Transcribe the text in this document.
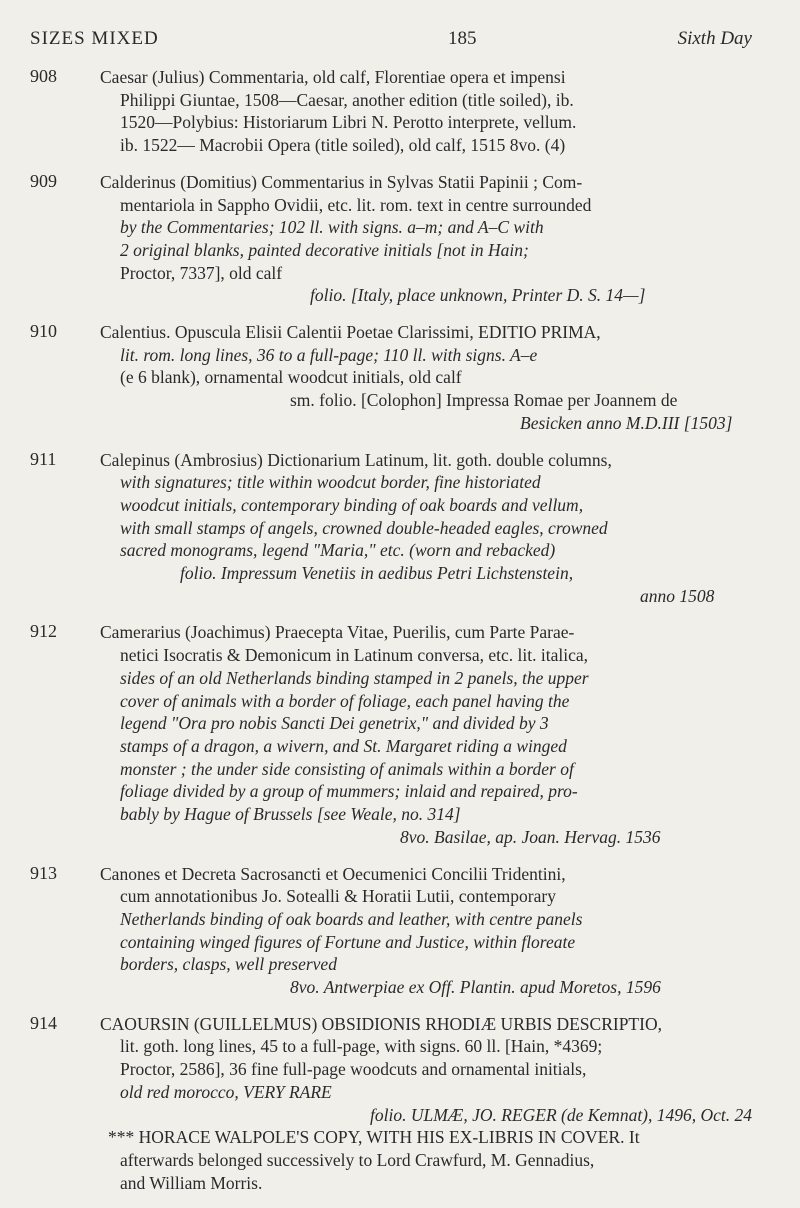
SIZES MIXED	185	Sixth Day
908	Caesar (Julius) Commentaria, old calf, Florentiae opera et impensi
Philippi Giuntae, 1508—Caesar, another edition (title soiled), ib.
1520—Polybius: Historiarum Libri N. Perotto interprete, vellum.
ib. 1522— Macrobii Opera (title soiled), old calf, 1515 8vo. (4)
909	Calderinus (Domitius) Commentarius in Sylvas Statii Papinii ; Com-
mentariola in Sappho Ovidii, etc. lit. rom. text in centre surrounded
by the Commentaries; 102 ll. with signs. a–m; and A–C with
2 original blanks, painted decorative initials [not in Hain;
Proctor, 7337], old calf
folio. [Italy, place unknown, Printer D. S. 14—]
910	Calentius. Opuscula Elisii Calentii Poetae Clarissimi, EDITIO PRIMA,
lit. rom. long lines, 36 to a full-page; 110 ll. with signs. A–e
(e 6 blank), ornamental woodcut initials, old calf
sm. folio. [Colophon] Impressa Romae per Joannem de
Besicken anno M.D.III [1503]
911	Calepinus (Ambrosius) Dictionarium Latinum, lit. goth. double columns,
with signatures; title within woodcut border, fine historiated
woodcut initials, contemporary binding of oak boards and vellum,
with small stamps of angels, crowned double-headed eagles, crowned
sacred monograms, legend "Maria," etc. (worn and rebacked)
folio. Impressum Venetiis in aedibus Petri Lichstenstein,
anno 1508
912	Camerarius (Joachimus) Praecepta Vitae, Puerilis, cum Parte Parae-
netici Isocratis & Demonicum in Latinum conversa, etc. lit. italica,
sides of an old Netherlands binding stamped in 2 panels, the upper
cover of animals with a border of foliage, each panel having the
legend "Ora pro nobis Sancti Dei genetrix," and divided by 3
stamps of a dragon, a wivern, and St. Margaret riding a winged
monster ; the under side consisting of animals within a border of
foliage divided by a group of mummers; inlaid and repaired, pro-
bably by Hague of Brussels [see Weale, no. 314]
8vo. Basilae, ap. Joan. Hervag. 1536
913	Canones et Decreta Sacrosancti et Oecumenici Concilii Tridentini,
cum annotationibus Jo. Sotealli & Horatii Lutii, contemporary
Netherlands binding of oak boards and leather, with centre panels
containing winged figures of Fortune and Justice, within floreate
borders, clasps, well preserved
8vo. Antwerpiae ex Off. Plantin. apud Moretos, 1596
914	CAOURSIN (GUILLELMUS) OBSIDIONIS RHODIÆ URBIS DESCRIPTIO,
lit. goth. long lines, 45 to a full-page, with signs. 60 ll. [Hain, *4369;
Proctor, 2586], 36 fine full-page woodcuts and ornamental initials,
old red morocco, VERY RARE
folio. ULMÆ, JO. REGER (de Kemnat), 1496, Oct. 24
*** HORACE WALPOLE'S COPY, WITH HIS EX-LIBRIS IN COVER. It
afterwards belonged successively to Lord Crawfurd, M. Gennadius,
and William Morris.
